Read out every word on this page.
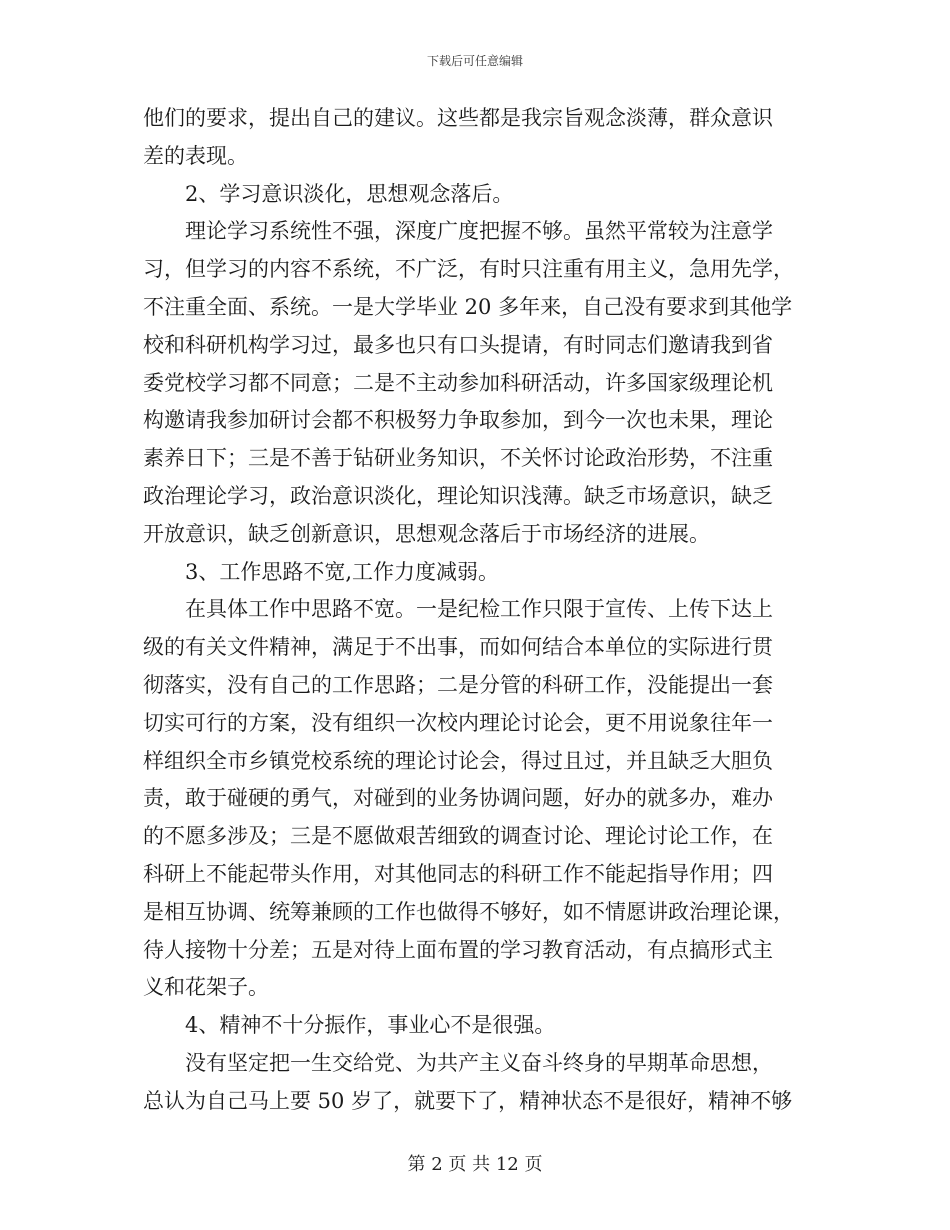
下载后可任意编辑
他们的要求，提出自己的建议。这些都是我宗旨观念淡薄，群众意识
差的表现。
2、学习意识淡化，思想观念落后。
理论学习系统性不强，深度广度把握不够。虽然平常较为注意学
习，但学习的内容不系统，不广泛，有时只注重有用主义，急用先学，
不注重全面、系统。一是大学毕业 20 多年来，自己没有要求到其他学
校和科研机构学习过，最多也只有口头提请，有时同志们邀请我到省
委党校学习都不同意；二是不主动参加科研活动，许多国家级理论机
构邀请我参加研讨会都不积极努力争取参加，到今一次也未果，理论
素养日下；三是不善于钻研业务知识，不关怀讨论政治形势，不注重
政治理论学习，政治意识淡化，理论知识浅薄。缺乏市场意识，缺乏
开放意识，缺乏创新意识，思想观念落后于市场经济的进展。
3、工作思路不宽,工作力度减弱。
在具体工作中思路不宽。一是纪检工作只限于宣传、上传下达上
级的有关文件精神，满足于不出事，而如何结合本单位的实际进行贯
彻落实，没有自己的工作思路；二是分管的科研工作，没能提出一套
切实可行的方案，没有组织一次校内理论讨论会，更不用说象往年一
样组织全市乡镇党校系统的理论讨论会，得过且过，并且缺乏大胆负
责，敢于碰硬的勇气，对碰到的业务协调问题，好办的就多办，难办
的不愿多涉及；三是不愿做艰苦细致的调查讨论、理论讨论工作，在
科研上不能起带头作用，对其他同志的科研工作不能起指导作用；四
是相互协调、统筹兼顾的工作也做得不够好，如不情愿讲政治理论课，
待人接物十分差；五是对待上面布置的学习教育活动，有点搞形式主
义和花架子。
4、精神不十分振作，事业心不是很强。
没有坚定把一生交给党、为共产主义奋斗终身的早期革命思想，
总认为自己马上要 50 岁了，就要下了，精神状态不是很好，精神不够
第 2 页 共 12 页
